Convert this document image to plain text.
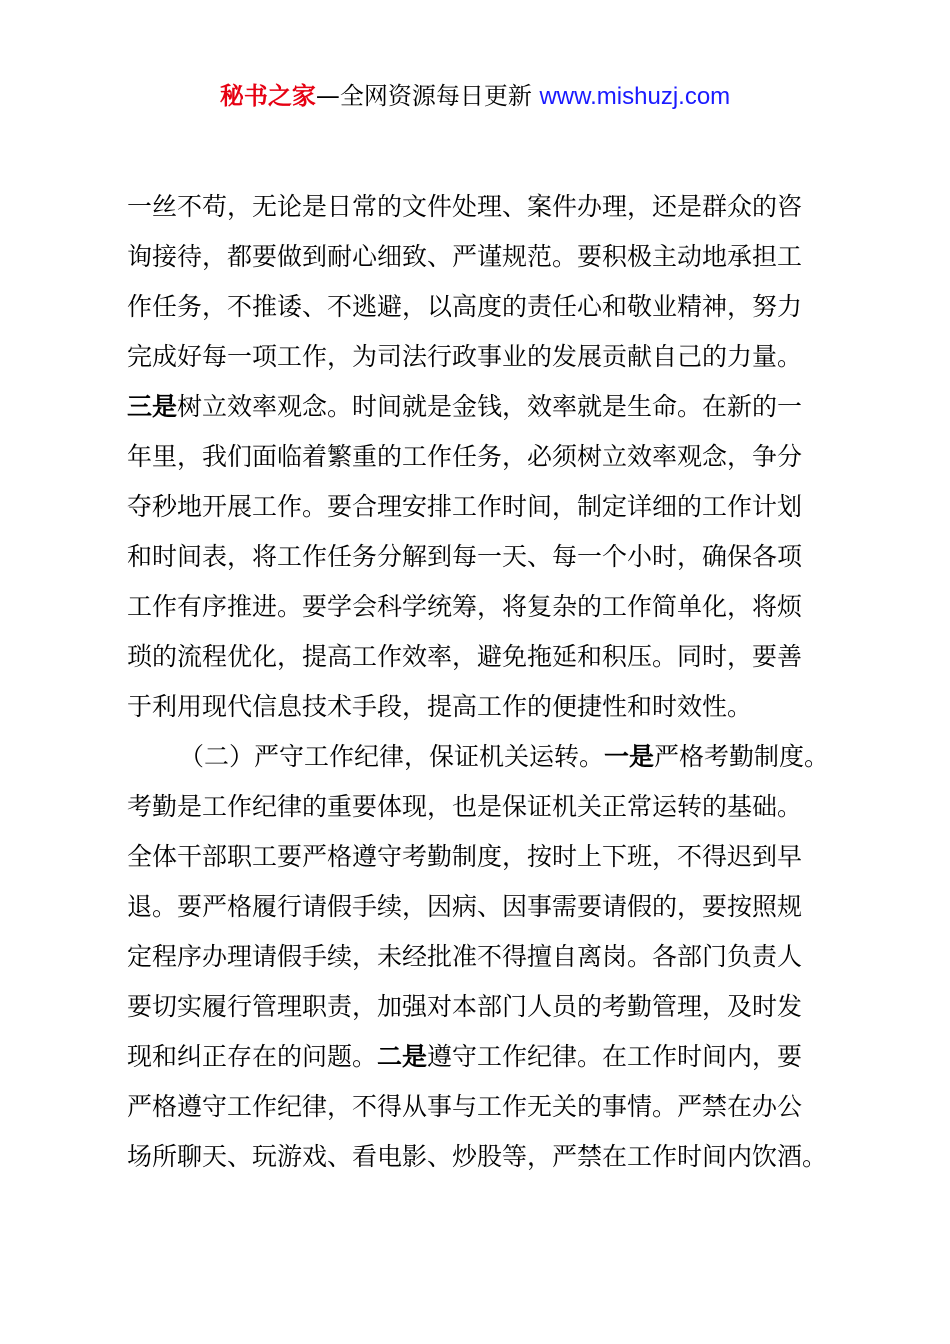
秘书之家—全网资源每日更新 www.mishuzj.com
一丝不苟，无论是日常的文件处理、案件办理，还是群众的咨
询接待，都要做到耐心细致、严谨规范。要积极主动地承担工
作任务，不推诿、不逃避，以高度的责任心和敬业精神，努力
完成好每一项工作，为司法行政事业的发展贡献自己的力量。
三是树立效率观念。时间就是金钱，效率就是生命。在新的一
年里，我们面临着繁重的工作任务，必须树立效率观念，争分
夺秒地开展工作。要合理安排工作时间，制定详细的工作计划
和时间表，将工作任务分解到每一天、每一个小时，确保各项
工作有序推进。要学会科学统筹，将复杂的工作简单化，将烦
琐的流程优化，提高工作效率，避免拖延和积压。同时，要善
于利用现代信息技术手段，提高工作的便捷性和时效性。
（二）严守工作纪律，保证机关运转。一是严格考勤制度。
考勤是工作纪律的重要体现，也是保证机关正常运转的基础。
全体干部职工要严格遵守考勤制度，按时上下班，不得迟到早
退。要严格履行请假手续，因病、因事需要请假的，要按照规
定程序办理请假手续，未经批准不得擅自离岗。各部门负责人
要切实履行管理职责，加强对本部门人员的考勤管理，及时发
现和纠正存在的问题。二是遵守工作纪律。在工作时间内，要
严格遵守工作纪律，不得从事与工作无关的事情。严禁在办公
场所聊天、玩游戏、看电影、炒股等，严禁在工作时间内饮酒。
